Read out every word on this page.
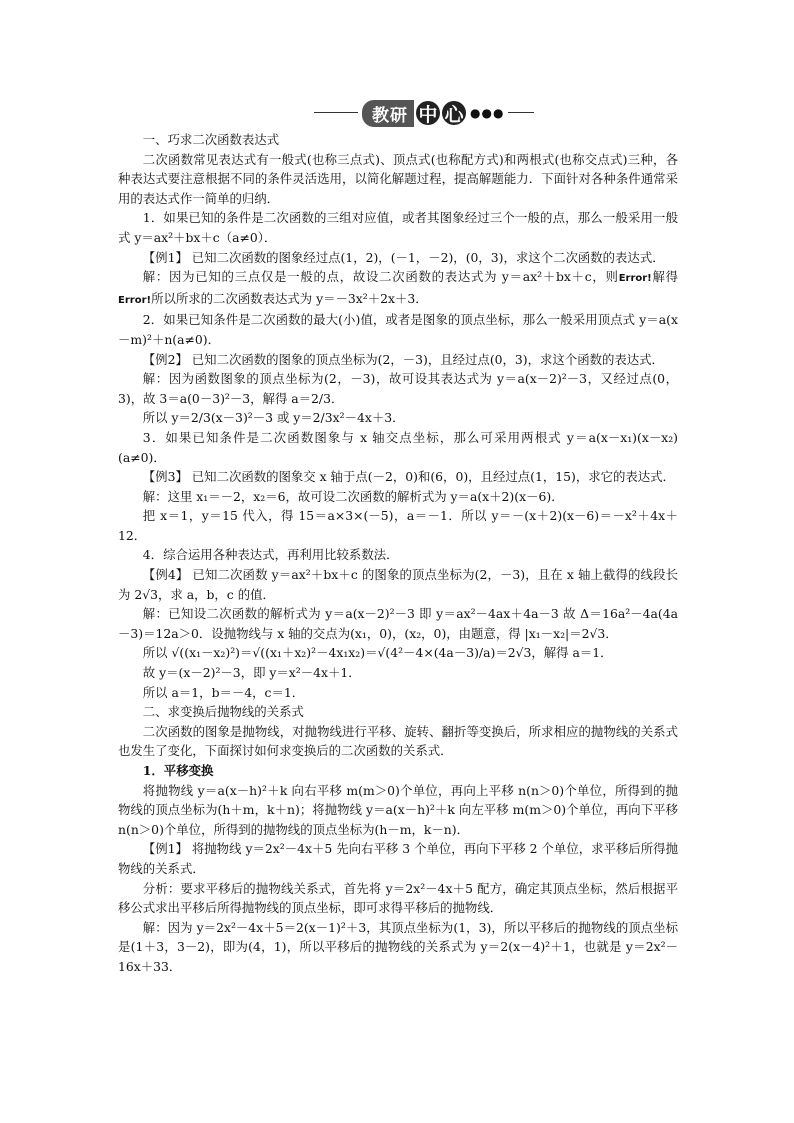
教研 中 心 ●●●

一、巧求二次函数表达式

二次函数常见表达式有一般式(也称三点式)、顶点式(也称配方式)和两根式(也称交点式)三种，各种表达式要注意根据不同的条件灵活选用，以简化解题过程，提高解题能力．下面针对各种条件通常采用的表达式作一简单的归纳．

1．如果已知的条件是二次函数的三组对应值，或者其图象经过三个一般的点，那么一般采用一般式 y＝ax²＋bx＋c（a≠0）．

【例1】 已知二次函数的图象经过点(1，2)，(－1，－2)，(0，3)，求这个二次函数的表达式．

解：因为已知的三点仅是一般的点，故设二次函数的表达式为 y＝ax²＋bx＋c，则Error!解得Error!所以所求的二次函数表达式为 y＝－3x²＋2x＋3．

2．如果已知条件是二次函数的最大(小)值，或者是图象的顶点坐标，那么一般采用顶点式 y＝a(x－m)²＋n(a≠0)．

【例2】 已知二次函数的图象的顶点坐标为(2，－3)，且经过点(0，3)，求这个函数的表达式．

解：因为函数图象的顶点坐标为(2，－3)，故可设其表达式为 y＝a(x－2)²－3，又经过点(0，3)，故 3＝a(0－3)²－3，解得 a＝2/3．

所以 y＝2/3(x－3)²－3 或 y＝2/3x²－4x＋3．

3．如果已知条件是二次函数图象与 x 轴交点坐标，那么可采用两根式 y＝a(x－x₁)(x－x₂)(a≠0)．

【例3】 已知二次函数的图象交 x 轴于点(－2，0)和(6，0)，且经过点(1，15)，求它的表达式．

解：这里 x₁＝－2，x₂＝6，故可设二次函数的解析式为 y＝a(x＋2)(x－6)．

把 x＝1，y＝15 代入，得 15＝a×3×(－5)，a＝－1．所以 y＝－(x＋2)(x－6)＝－x²＋4x＋12．

4．综合运用各种表达式，再利用比较系数法．

【例4】 已知二次函数 y＝ax²＋bx＋c 的图象的顶点坐标为(2，－3)，且在 x 轴上截得的线段长为 2√3，求 a，b，c 的值．

解：已知设二次函数的解析式为 y＝a(x－2)²－3 即 y＝ax²－4ax＋4a－3 故 Δ＝16a²－4a(4a－3)＝12a＞0．设抛物线与 x 轴的交点为(x₁，0)，(x₂，0)，由题意，得 |x₁－x₂|＝2√3．

所以 √((x₁－x₂)²)＝√((x₁＋x₂)²－4x₁x₂)＝√(4²－4×(4a－3)/a)＝2√3，解得 a＝1．

故 y＝(x－2)²－3，即 y＝x²－4x＋1．

所以 a＝1，b＝－4，c＝1．

二、求变换后抛物线的关系式

二次函数的图象是抛物线，对抛物线进行平移、旋转、翻折等变换后，所求相应的抛物线的关系式也发生了变化，下面探讨如何求变换后的二次函数的关系式．

1．平移变换

将抛物线 y＝a(x－h)²＋k 向右平移 m(m＞0)个单位，再向上平移 n(n＞0)个单位，所得到的抛物线的顶点坐标为(h＋m，k＋n)；将抛物线 y＝a(x－h)²＋k 向左平移 m(m＞0)个单位，再向下平移 n(n＞0)个单位，所得到的抛物线的顶点坐标为(h－m，k－n)．

【例1】 将抛物线 y＝2x²－4x＋5 先向右平移 3 个单位，再向下平移 2 个单位，求平移后所得抛物线的关系式．

分析：要求平移后的抛物线关系式，首先将 y＝2x²－4x＋5 配方，确定其顶点坐标，然后根据平移公式求出平移后所得抛物线的顶点坐标，即可求得平移后的抛物线．

解：因为 y＝2x²－4x＋5＝2(x－1)²＋3，其顶点坐标为(1，3)，所以平移后的抛物线的顶点坐标是(1＋3，3－2)，即为(4，1)，所以平移后的抛物线的关系式为 y＝2(x－4)²＋1，也就是 y＝2x²－16x＋33．
